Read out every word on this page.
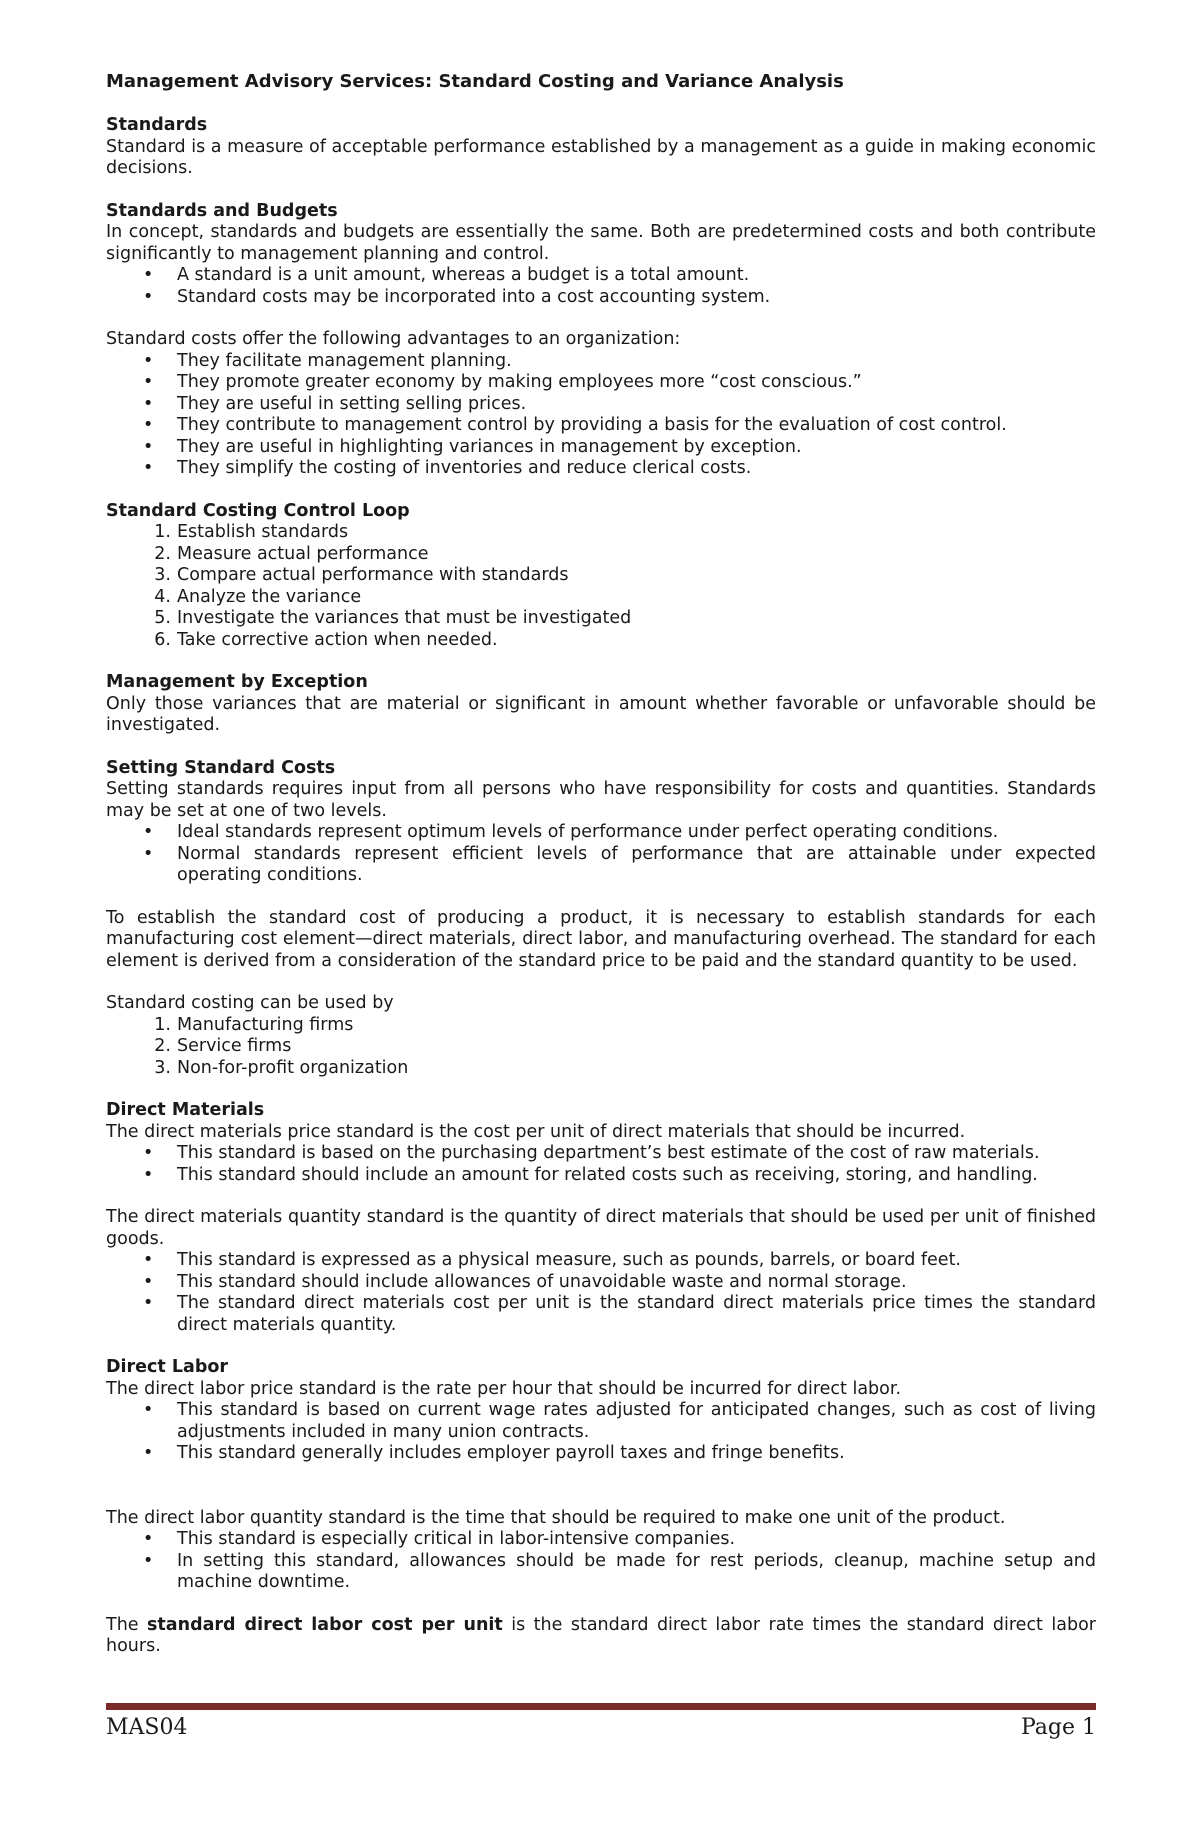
Management Advisory Services: Standard Costing and Variance Analysis
Standards

Standard is a measure of acceptable performance established by a management as a guide in making economic decisions.

Standards and Budgets

In concept, standards and budgets are essentially the same. Both are predetermined costs and both contribute significantly to management planning and control.

• A standard is a unit amount, whereas a budget is a total amount.
• Standard costs may be incorporated into a cost accounting system.

Standard costs offer the following advantages to an organization:

• They facilitate management planning.
• They promote greater economy by making employees more “cost conscious.”
• They are useful in setting selling prices.
• They contribute to management control by providing a basis for the evaluation of cost control.
• They are useful in highlighting variances in management by exception.
• They simplify the costing of inventories and reduce clerical costs.
Standard Costing Control Loop
1. Establish standards
2. Measure actual performance
3. Compare actual performance with standards
4. Analyze the variance
5. Investigate the variances that must be investigated
6. Take corrective action when needed.
Management by Exception

Only those variances that are material or significant in amount whether favorable or unfavorable should be investigated.

Setting Standard Costs

Setting standards requires input from all persons who have responsibility for costs and quantities. Standards may be set at one of two levels.

• Ideal standards represent optimum levels of performance under perfect operating conditions.
• Normal standards represent efficient levels of performance that are attainable under expected operating conditions.

To establish the standard cost of producing a product, it is necessary to establish standards for each manufacturing cost element—direct materials, direct labor, and manufacturing overhead. The standard for each element is derived from a consideration of the standard price to be paid and the standard quantity to be used.

Standard costing can be used by

1. Manufacturing firms
2. Service firms
3. Non-for-profit organization
Direct Materials

The direct materials price standard is the cost per unit of direct materials that should be incurred.

• This standard is based on the purchasing department’s best estimate of the cost of raw materials.
• This standard should include an amount for related costs such as receiving, storing, and handling.

The direct materials quantity standard is the quantity of direct materials that should be used per unit of finished goods.

• This standard is expressed as a physical measure, such as pounds, barrels, or board feet.
• This standard should include allowances of unavoidable waste and normal storage.
• The standard direct materials cost per unit is the standard direct materials price times the standard direct materials quantity.
Direct Labor

The direct labor price standard is the rate per hour that should be incurred for direct labor.

• This standard is based on current wage rates adjusted for anticipated changes, such as cost of living adjustments included in many union contracts.
• This standard generally includes employer payroll taxes and fringe benefits.

The direct labor quantity standard is the time that should be required to make one unit of the product.

• This standard is especially critical in labor-intensive companies.
• In setting this standard, allowances should be made for rest periods, cleanup, machine setup and machine downtime.

The standard direct labor cost per unit is the standard direct labor rate times the standard direct labor hours.

MAS04	Page 1
